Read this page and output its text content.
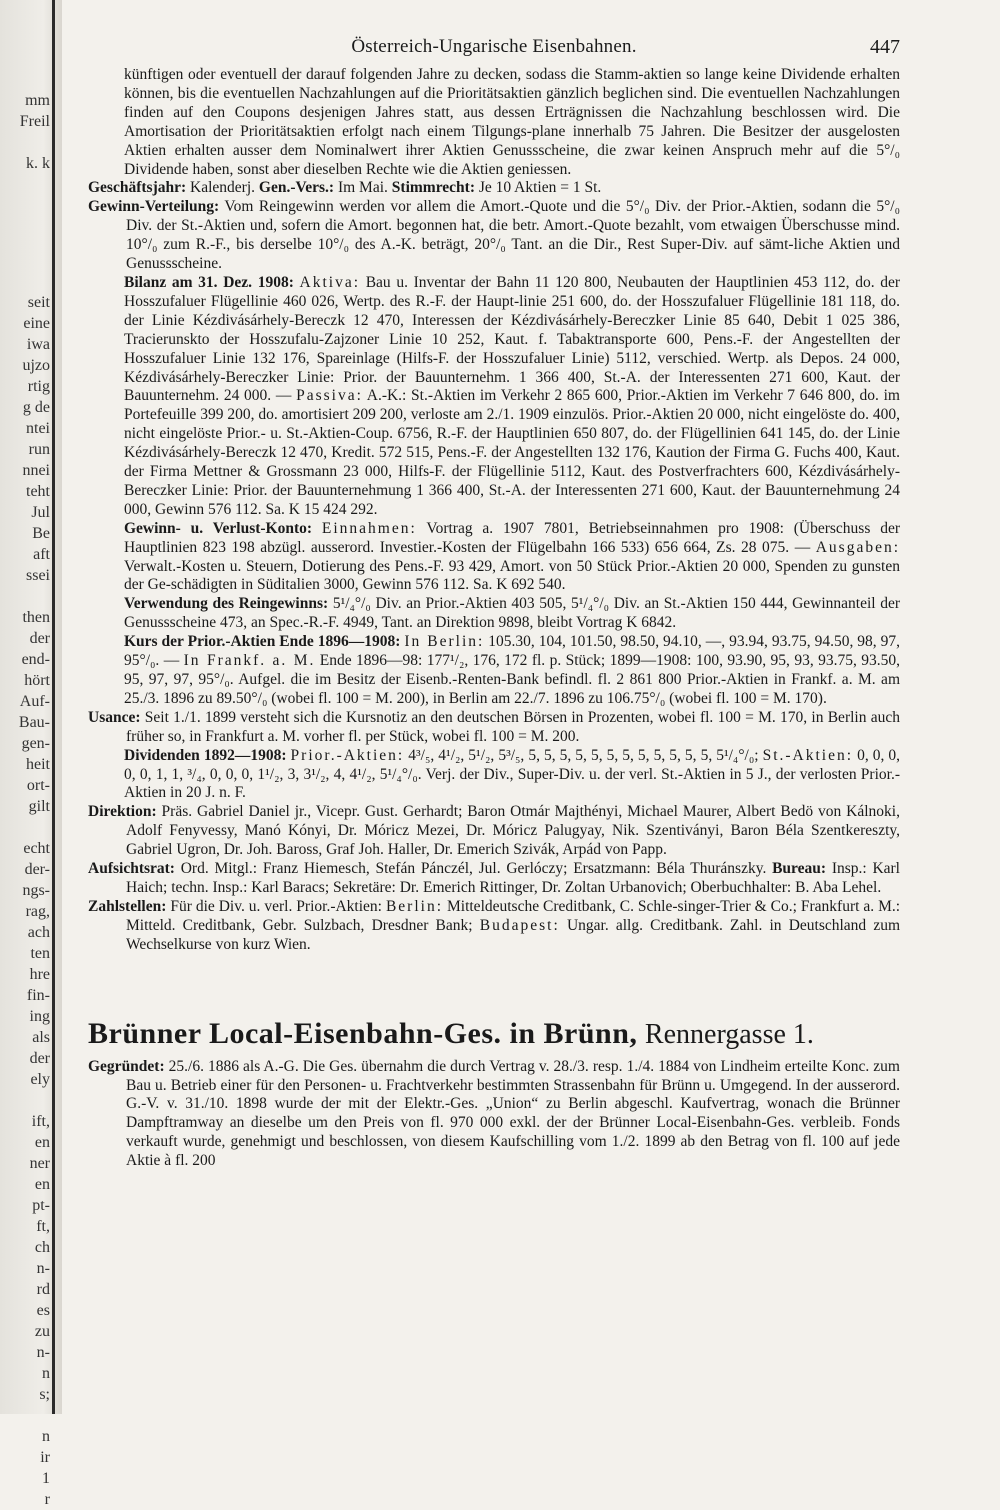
mm
Freil

k. k
seit
eine
iwa
ujzo
rtig
g de
ntei
run
nnei
teht
Jul
Be
aft
ssei

then
der
end-
hört
Auf-
Bau-
gen-
heit
ort-
gilt

echt
der-
ngs-
rag,
ach
ten
hre
fin-
ing
als
der
ely

ift,
en
ner
en
pt-
ft,
ch
n-
rd
es
zu
n-
n
s;

n
ir
1
r
Österreich-Ungarische Eisenbahnen.	447

künftigen oder eventuell der darauf folgenden Jahre zu decken, sodass die Stamm-aktien so lange keine Dividende erhalten können, bis die eventuellen Nachzahlungen auf die Prioritätsaktien gänzlich beglichen sind. Die eventuellen Nachzahlungen finden auf den Coupons desjenigen Jahres statt, aus dessen Erträgnissen die Nachzahlung beschlossen wird. Die Amortisation der Prioritätsaktien erfolgt nach einem Tilgungs-plane innerhalb 75 Jahren. Die Besitzer der ausgelosten Aktien erhalten ausser dem Nominalwert ihrer Aktien Genussscheine, die zwar keinen Anspruch mehr auf die 5°/₀ Dividende haben, sonst aber dieselben Rechte wie die Aktien geniessen.

Geschäftsjahr: Kalenderj. Gen.-Vers.: Im Mai. Stimmrecht: Je 10 Aktien = 1 St.

Gewinn-Verteilung: Vom Reingewinn werden vor allem die Amort.-Quote und die 5°/₀ Div. der Prior.-Aktien, sodann die 5°/₀ Div. der St.-Aktien und, sofern die Amort. begonnen hat, die betr. Amort.-Quote bezahlt, vom etwaigen Überschusse mind. 10°/₀ zum R.-F., bis derselbe 10°/₀ des A.-K. beträgt, 20°/₀ Tant. an die Dir., Rest Super-Div. auf sämt-liche Aktien und Genussscheine.

Bilanz am 31. Dez. 1908: Aktiva: Bau u. Inventar der Bahn 11 120 800, Neubauten der Hauptlinien 453 112, do. der Hosszufaluer Flügellinie 460 026, Wertp. des R.-F. der Haupt-linie 251 600, do. der Hosszufaluer Flügellinie 181 118, do. der Linie Kézdivásárhely-Bereczk 12 470, Interessen der Kézdivásárhely-Bereczker Linie 85 640, Debit 1 025 386, Tracierunskto der Hosszufalu-Zajzoner Linie 10 252, Kaut. f. Tabaktransporte 600, Pens.-F. der Angestellten der Hosszufaluer Linie 132 176, Spareinlage (Hilfs-F. der Hosszufaluer Linie) 5112, verschied. Wertp. als Depos. 24 000, Kézdivásárhely-Bereczker Linie: Prior. der Bauunternehm. 1 366 400, St.-A. der Interessenten 271 600, Kaut. der Bauunternehm. 24 000. — Passiva: A.-K.: St.-Aktien im Verkehr 2 865 600, Prior.-Aktien im Verkehr 7 646 800, do. im Portefeuille 399 200, do. amortisiert 209 200, verloste am 2./1. 1909 einzulös. Prior.-Aktien 20 000, nicht eingelöste do. 400, nicht eingelöste Prior.- u. St.-Aktien-Coup. 6756, R.-F. der Hauptlinien 650 807, do. der Flügellinien 641 145, do. der Linie Kézdivásárhely-Bereczk 12 470, Kredit. 572 515, Pens.-F. der Angestellten 132 176, Kaution der Firma G. Fuchs 400, Kaut. der Firma Mettner & Grossmann 23 000, Hilfs-F. der Flügellinie 5112, Kaut. des Postverfrachters 600, Kézdivásárhely-Bereczker Linie: Prior. der Bauunternehmung 1 366 400, St.-A. der Interessenten 271 600, Kaut. der Bauunternehmung 24 000, Gewinn 576 112. Sa. K 15 424 292.

Gewinn- u. Verlust-Konto: Einnahmen: Vortrag a. 1907 7801, Betriebseinnahmen pro 1908: (Überschuss der Hauptlinien 823 198 abzügl. ausserord. Investier.-Kosten der Flügelbahn 166 533) 656 664, Zs. 28 075. — Ausgaben: Verwalt.-Kosten u. Steuern, Dotierung des Pens.-F. 93 429, Amort. von 50 Stück Prior.-Aktien 20 000, Spenden zu gunsten der Ge-schädigten in Süditalien 3000, Gewinn 576 112. Sa. K 692 540.

Verwendung des Reingewinns: 5¹/₄°/₀ Div. an Prior.-Aktien 403 505, 5¹/₄°/₀ Div. an St.-Aktien 150 444, Gewinnanteil der Genussscheine 473, an Spec.-R.-F. 4949, Tant. an Direktion 9898, bleibt Vortrag K 6842.

Kurs der Prior.-Aktien Ende 1896—1908: In Berlin: 105.30, 104, 101.50, 98.50, 94.10, —, 93.94, 93.75, 94.50, 98, 97, 95°/₀. — In Frankf. a. M. Ende 1896—98: 177¹/₂, 176, 172 fl. p. Stück; 1899—1908: 100, 93.90, 95, 93, 93.75, 93.50, 95, 97, 97, 95°/₀. Aufgel. die im Besitz der Eisenb.-Renten-Bank befindl. fl. 2 861 800 Prior.-Aktien in Frankf. a. M. am 25./3. 1896 zu 89.50°/₀ (wobei fl. 100 = M. 200), in Berlin am 22./7. 1896 zu 106.75°/₀ (wobei fl. 100 = M. 170).

Usance: Seit 1./1. 1899 versteht sich die Kursnotiz an den deutschen Börsen in Prozenten, wobei fl. 100 = M. 170, in Berlin auch früher so, in Frankfurt a. M. vorher fl. per Stück, wobei fl. 100 = M. 200.

Dividenden 1892—1908: Prior.-Aktien: 4³/₅, 4¹/₂, 5¹/₂, 5³/₅, 5, 5, 5, 5, 5, 5, 5, 5, 5, 5, 5, 5, 5¹/₄°/₀; St.-Aktien: 0, 0, 0, 0, 0, 1, 1, ³/₄, 0, 0, 0, 1¹/₂, 3, 3¹/₂, 4, 4¹/₂, 5¹/₄°/₀. Verj. der Div., Super-Div. u. der verl. St.-Aktien in 5 J., der verlosten Prior.-Aktien in 20 J. n. F.

Direktion: Präs. Gabriel Daniel jr., Vicepr. Gust. Gerhardt; Baron Otmár Majthényi, Michael Maurer, Albert Bedö von Kálnoki, Adolf Fenyvessy, Manó Kónyi, Dr. Móricz Mezei, Dr. Móricz Palugyay, Nik. Szentiványi, Baron Béla Szentkereszty, Gabriel Ugron, Dr. Joh. Baross, Graf Joh. Haller, Dr. Emerich Szivák, Arpád von Papp.

Aufsichtsrat: Ord. Mitgl.: Franz Hiemesch, Stefán Pánczél, Jul. Gerlóczy; Ersatzmann: Béla Thuránszky. Bureau: Insp.: Karl Haich; techn. Insp.: Karl Baracs; Sekretäre: Dr. Emerich Rittinger, Dr. Zoltan Urbanovich; Oberbuchhalter: B. Aba Lehel.

Zahlstellen: Für die Div. u. verl. Prior.-Aktien: Berlin: Mitteldeutsche Creditbank, C. Schle-singer-Trier & Co.; Frankfurt a. M.: Mitteld. Creditbank, Gebr. Sulzbach, Dresdner Bank; Budapest: Ungar. allg. Creditbank. Zahl. in Deutschland zum Wechselkurse von kurz Wien.

Brünner Local-Eisenbahn-Ges. in Brünn, Rennergasse 1.

Gegründet: 25./6. 1886 als A.-G. Die Ges. übernahm die durch Vertrag v. 28./3. resp. 1./4. 1884 von Lindheim erteilte Konc. zum Bau u. Betrieb einer für den Personen- u. Frachtverkehr bestimmten Strassenbahn für Brünn u. Umgegend. In der ausserord. G.-V. v. 31./10. 1898 wurde der mit der Elektr.-Ges. „Union“ zu Berlin abgeschl. Kaufvertrag, wonach die Brünner Dampftramway an dieselbe um den Preis von fl. 970 000 exkl. der der Brünner Local-Eisenbahn-Ges. verbleib. Fonds verkauft wurde, genehmigt und beschlossen, von diesem Kaufschilling vom 1./2. 1899 ab den Betrag von fl. 100 auf jede Aktie à fl. 200
